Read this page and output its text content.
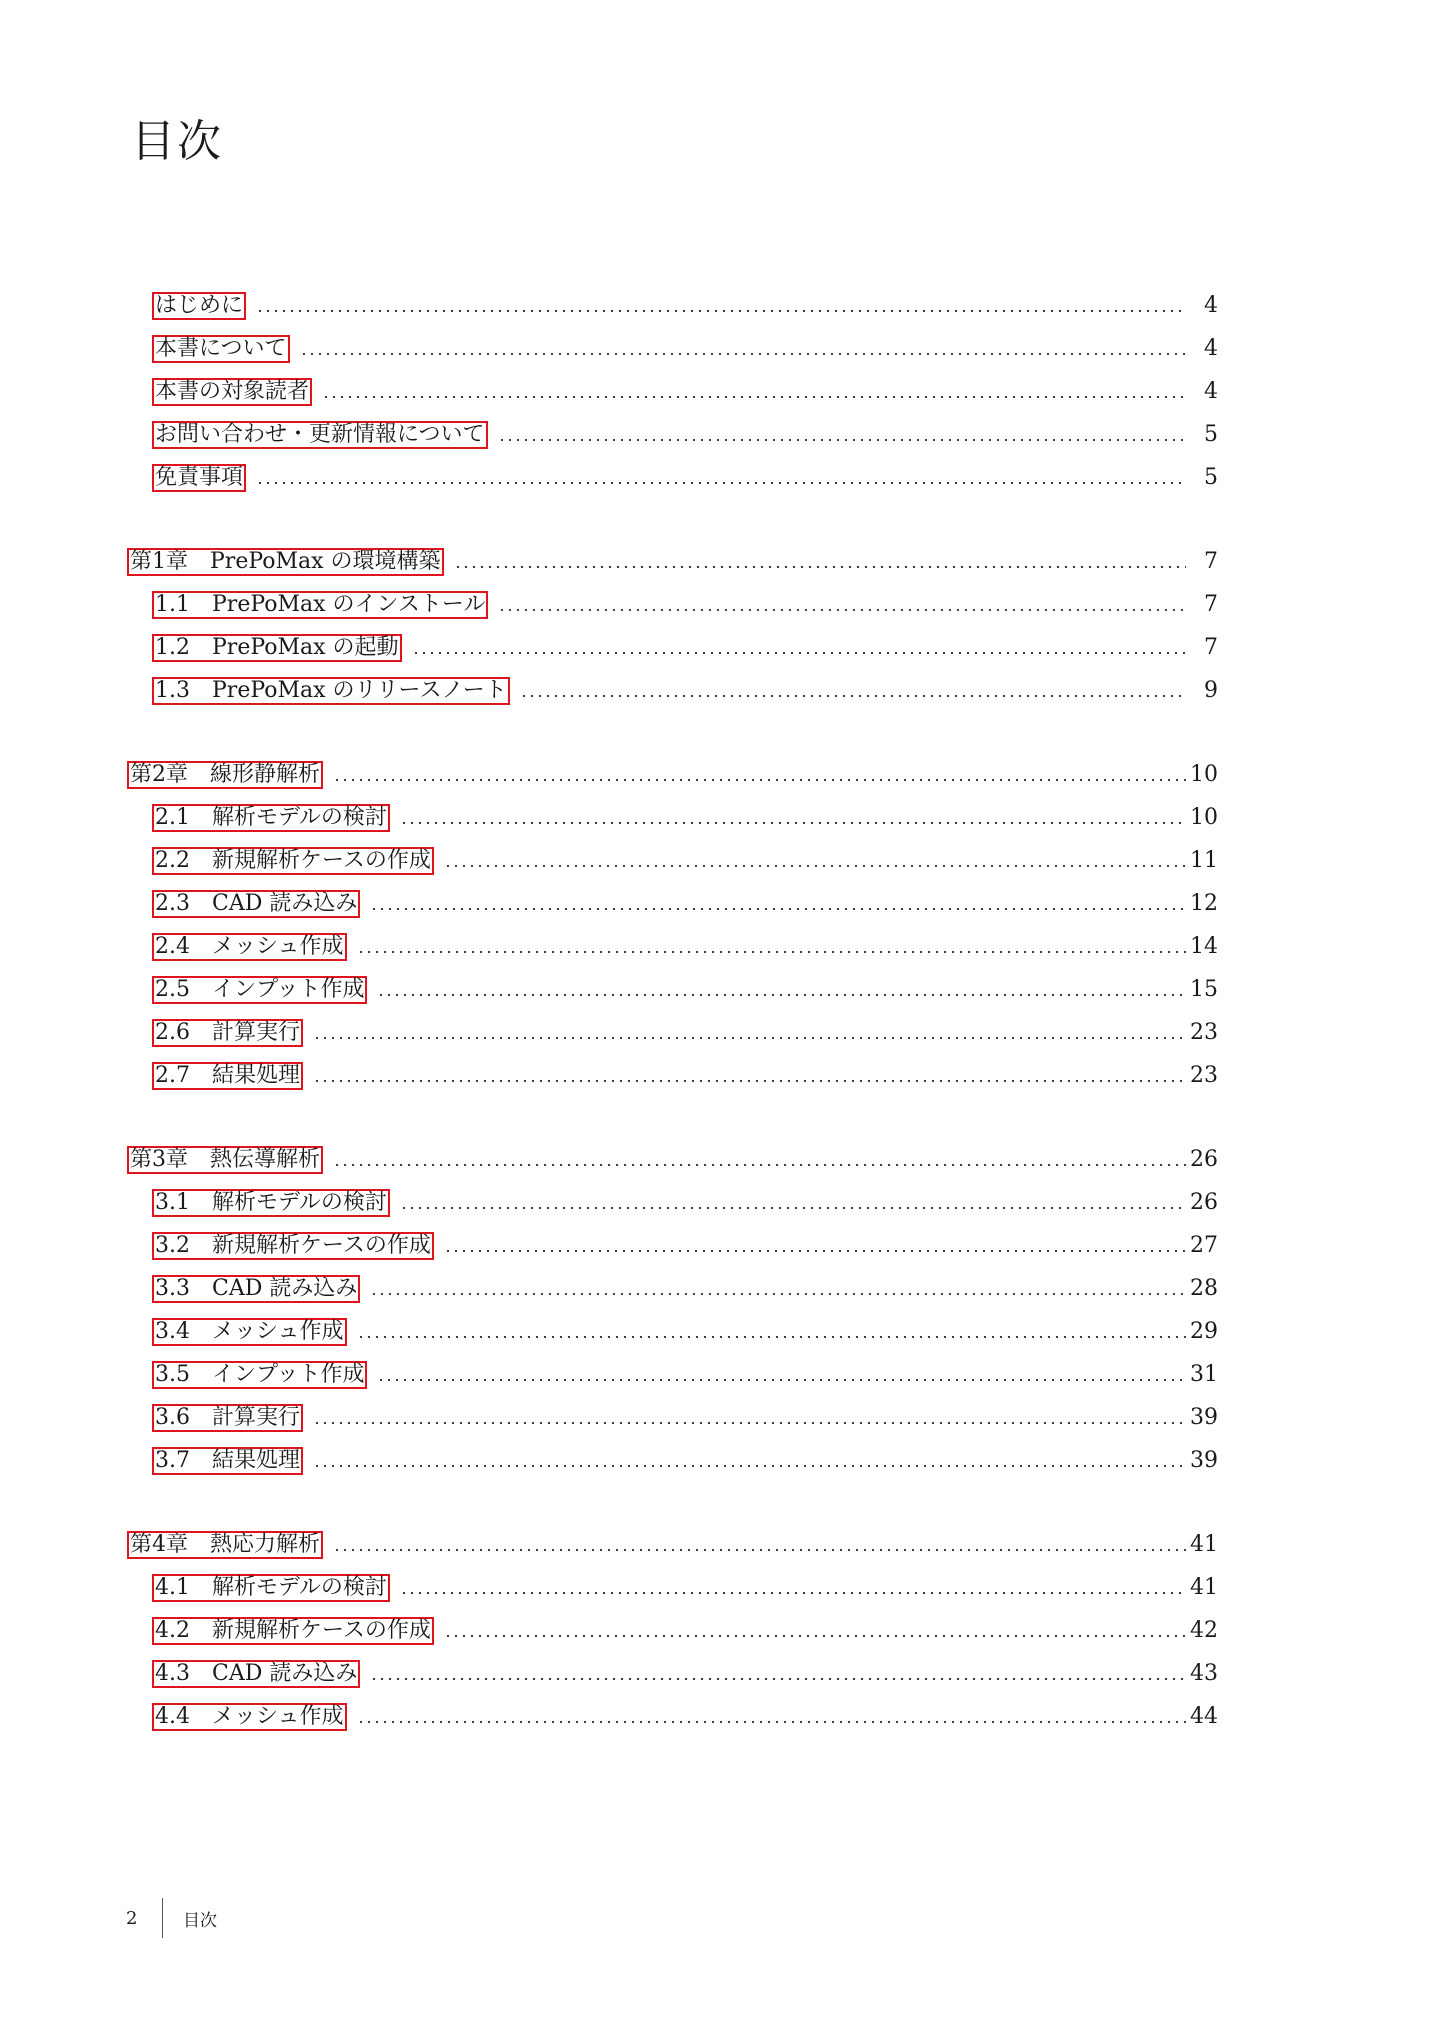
目次
はじめに	4
本書について	4
本書の対象読者	4
お問い合わせ・更新情報について	5
免責事項	5
第1章 PrePoMax の環境構築	7
1.1 PrePoMax のインストール	7
1.2 PrePoMax の起動	7
1.3 PrePoMax のリリースノート	9
第2章 線形静解析	10
2.1 解析モデルの検討	10
2.2 新規解析ケースの作成	11
2.3 CAD 読み込み	12
2.4 メッシュ作成	14
2.5 インプット作成	15
2.6 計算実行	23
2.7 結果処理	23
第3章 熱伝導解析	26
3.1 解析モデルの検討	26
3.2 新規解析ケースの作成	27
3.3 CAD 読み込み	28
3.4 メッシュ作成	29
3.5 インプット作成	31
3.6 計算実行	39
3.7 結果処理	39
第4章 熱応力解析	41
4.1 解析モデルの検討	41
4.2 新規解析ケースの作成	42
4.3 CAD 読み込み	43
4.4 メッシュ作成	44
2	目次
